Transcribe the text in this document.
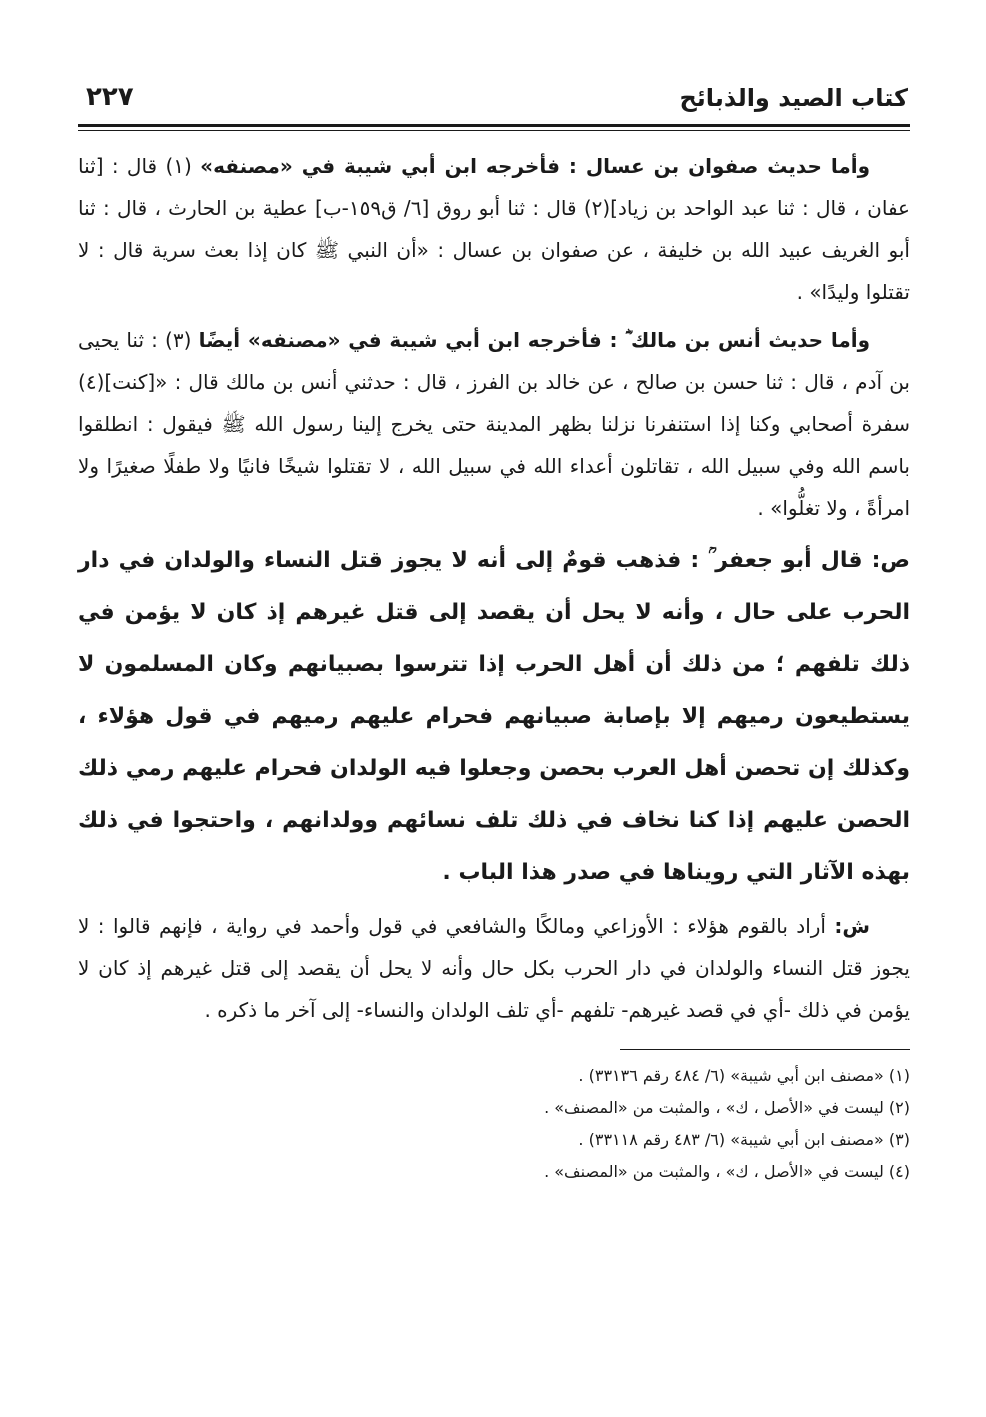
كتاب الصيد والذبائح
٢٢٧

وأما حديث صفوان بن عسال : فأخرجه ابن أبي شيبة في «مصنفه» (١) قال : [ثنا عفان ، قال : ثنا عبد الواحد بن زياد](٢) قال : ثنا أبو روق [٦/ ق١٥٩-ب] عطية بن الحارث ، قال : ثنا أبو الغريف عبيد الله بن خليفة ، عن صفوان بن عسال : «أن النبي ﷺ كان إذا بعث سرية قال : لا تقتلوا وليدًا» .

وأما حديث أنس بن مالك ؓ : فأخرجه ابن أبي شيبة في «مصنفه» أيضًا (٣) : ثنا يحيى بن آدم ، قال : ثنا حسن بن صالح ، عن خالد بن الفرز ، قال : حدثني أنس بن مالك قال : «[كنت](٤) سفرة أصحابي وكنا إذا استنفرنا نزلنا بظهر المدينة حتى يخرج إلينا رسول الله ﷺ فيقول : انطلقوا باسم الله وفي سبيل الله ، تقاتلون أعداء الله في سبيل الله ، لا تقتلوا شيخًا فانيًا ولا طفلًا صغيرًا ولا امرأةً ، ولا تغلُّوا» .

ص: قال أبو جعفر ؒ : فذهب قومٌ إلى أنه لا يجوز قتل النساء والولدان في دار الحرب على حال ، وأنه لا يحل أن يقصد إلى قتل غيرهم إذ كان لا يؤمن في ذلك تلفهم ؛ من ذلك أن أهل الحرب إذا تترسوا بصبيانهم وكان المسلمون لا يستطيعون رميهم إلا بإصابة صبيانهم فحرام عليهم رميهم في قول هؤلاء ، وكذلك إن تحصن أهل العرب بحصن وجعلوا فيه الولدان فحرام عليهم رمي ذلك الحصن عليهم إذا كنا نخاف في ذلك تلف نسائهم وولدانهم ، واحتجوا في ذلك بهذه الآثار التي رويناها في صدر هذا الباب .

ش: أراد بالقوم هؤلاء : الأوزاعي ومالكًا والشافعي في قول وأحمد في رواية ، فإنهم قالوا : لا يجوز قتل النساء والولدان في دار الحرب بكل حال وأنه لا يحل أن يقصد إلى قتل غيرهم إذ كان لا يؤمن في ذلك -أي في قصد غيرهم- تلفهم -أي تلف الولدان والنساء- إلى آخر ما ذكره .

(١) «مصنف ابن أبي شيبة» (٦/ ٤٨٤ رقم ٣٣١٣٦) .
(٢) ليست في «الأصل ، ك» ، والمثبت من «المصنف» .
(٣) «مصنف ابن أبي شيبة» (٦/ ٤٨٣ رقم ٣٣١١٨) .
(٤) ليست في «الأصل ، ك» ، والمثبت من «المصنف» .
